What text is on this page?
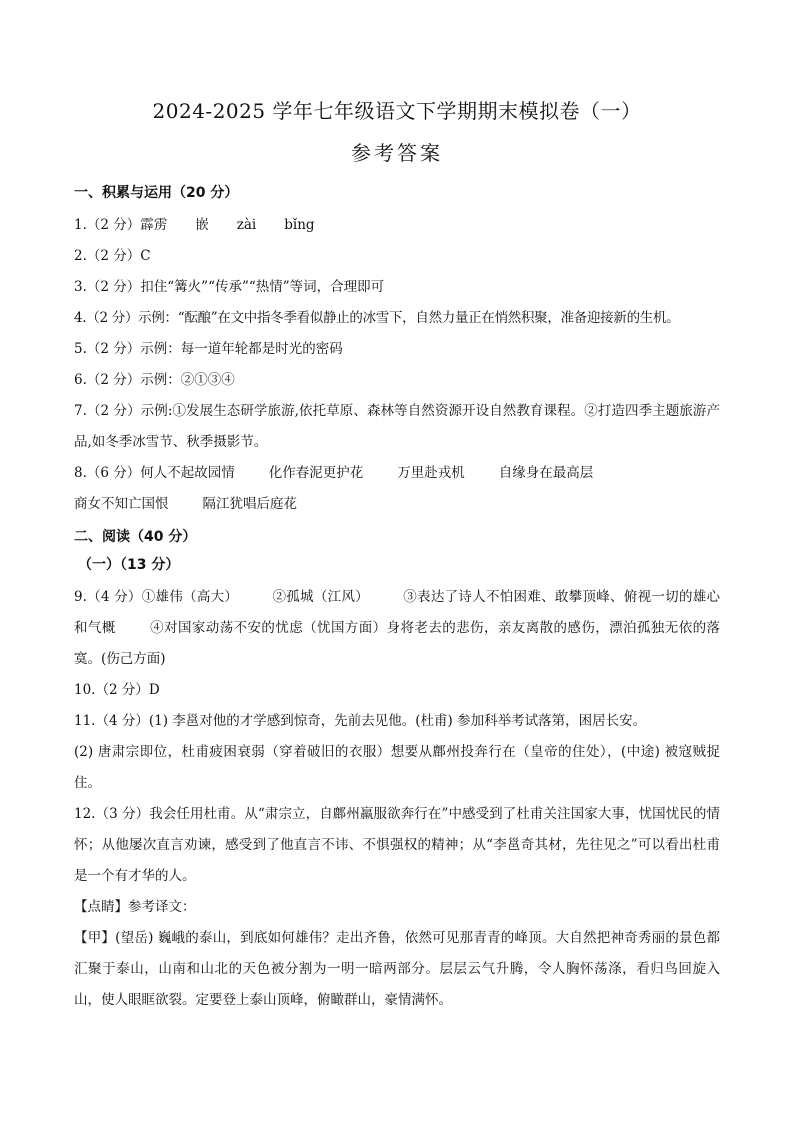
2024-2025 学年七年级语文下学期期末模拟卷（一）
参考答案
一、积累与运用（20 分）
1.（2 分）霹雳 嵌 zài bǐng
2.（2 分）C
3.（2 分）扣住“篝火”“传承”“热情”等词，合理即可
4.（2 分）示例：“酝酿”在文中指冬季看似静止的冰雪下，自然力量正在悄然积聚，准备迎接新的生机。
5.（2 分）示例：每一道年轮都是时光的密码
6.（2 分）示例：②①③④
7.（2 分）示例:①发展生态研学旅游,依托草原、森林等自然资源开设自然教育课程。②打造四季主题旅游产品,如冬季冰雪节、秋季摄影节。
8.（6 分）何人不起故园情	化作春泥更护花	万里赴戎机	自缘身在最高层
商女不知亡国恨	隔江犹唱后庭花
二、阅读（40 分）
（一）（13 分）
9.（4 分）①雄伟（高大）	②孤城（江风）	③表达了诗人不怕困难、敢攀顶峰、俯视一切的雄心和气概	④对国家动荡不安的忧虑（忧国方面）身将老去的悲伤，亲友离散的感伤，漂泊孤独无依的落寞。(伤己方面)
10.（2 分）D
11.（4 分）(1) 李邕对他的才学感到惊奇，先前去见他。(杜甫) 参加科举考试落第，困居长安。
(2) 唐肃宗即位，杜甫疲困衰弱（穿着破旧的衣服）想要从鄜州投奔行在（皇帝的住处），(中途) 被寇贼捉住。
12.（3 分）我会任用杜甫。从“肃宗立，自鄜州羸服欲奔行在”中感受到了杜甫关注国家大事，忧国忧民的情怀；从他屡次直言劝谏，感受到了他直言不讳、不惧强权的精神；从“李邕奇其材，先往见之”可以看出杜甫是一个有才华的人。
【点睛】参考译文：
【甲】(望岳) 巍峨的泰山，到底如何雄伟？走出齐鲁，依然可见那青青的峰顶。大自然把神奇秀丽的景色都汇聚于泰山，山南和山北的天色被分割为一明一暗两部分。层层云气升腾，令人胸怀荡涤，看归鸟回旋入山，使人眼眶欲裂。定要登上泰山顶峰，俯瞰群山，豪情满怀。
